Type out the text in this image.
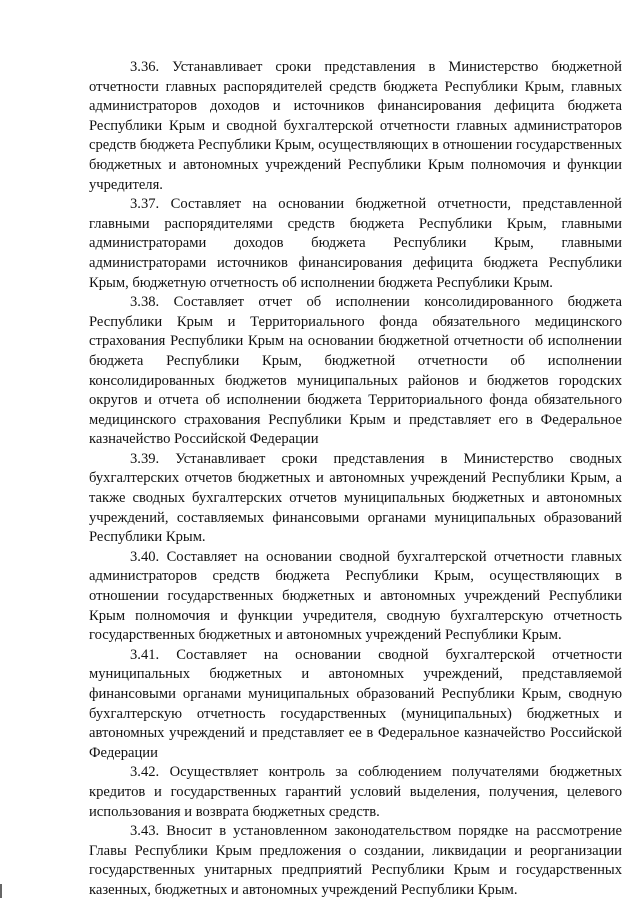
3.36. Устанавливает сроки представления в Министерство бюджетной отчетности главных распорядителей средств бюджета Республики Крым, главных администраторов доходов и источников финансирования дефицита бюджета Республики Крым и сводной бухгалтерской отчетности главных администраторов средств бюджета Республики Крым, осуществляющих в отношении государственных бюджетных и автономных учреждений Республики Крым полномочия и функции учредителя.

3.37. Составляет на основании бюджетной отчетности, представленной главными распорядителями средств бюджета Республики Крым, главными администраторами доходов бюджета Республики Крым, главными администраторами источников финансирования дефицита бюджета Республики Крым, бюджетную отчетность об исполнении бюджета Республики Крым.

3.38. Составляет отчет об исполнении консолидированного бюджета Республики Крым и Территориального фонда обязательного медицинского страхования Республики Крым на основании бюджетной отчетности об исполнении бюджета Республики Крым, бюджетной отчетности об исполнении консолидированных бюджетов муниципальных районов и бюджетов городских округов и отчета об исполнении бюджета Территориального фонда обязательного медицинского страхования Республики Крым и представляет его в Федеральное казначейство Российской Федерации

3.39. Устанавливает сроки представления в Министерство сводных бухгалтерских отчетов бюджетных и автономных учреждений Республики Крым, а также сводных бухгалтерских отчетов муниципальных бюджетных и автономных учреждений, составляемых финансовыми органами муниципальных образований Республики Крым.

3.40. Составляет на основании сводной бухгалтерской отчетности главных администраторов средств бюджета Республики Крым, осуществляющих в отношении государственных бюджетных и автономных учреждений Республики Крым полномочия и функции учредителя, сводную бухгалтерскую отчетность государственных бюджетных и автономных учреждений Республики Крым.

3.41. Составляет на основании сводной бухгалтерской отчетности муниципальных бюджетных и автономных учреждений, представляемой финансовыми органами муниципальных образований Республики Крым, сводную бухгалтерскую отчетность государственных (муниципальных) бюджетных и автономных учреждений и представляет ее в Федеральное казначейство Российской Федерации

3.42. Осуществляет контроль за соблюдением получателями бюджетных кредитов и государственных гарантий условий выделения, получения, целевого использования и возврата бюджетных средств.

3.43. Вносит в установленном законодательством порядке на рассмотрение Главы Республики Крым предложения о создании, ликвидации и реорганизации государственных унитарных предприятий Республики Крым и государственных казенных, бюджетных и автономных учреждений Республики Крым.
